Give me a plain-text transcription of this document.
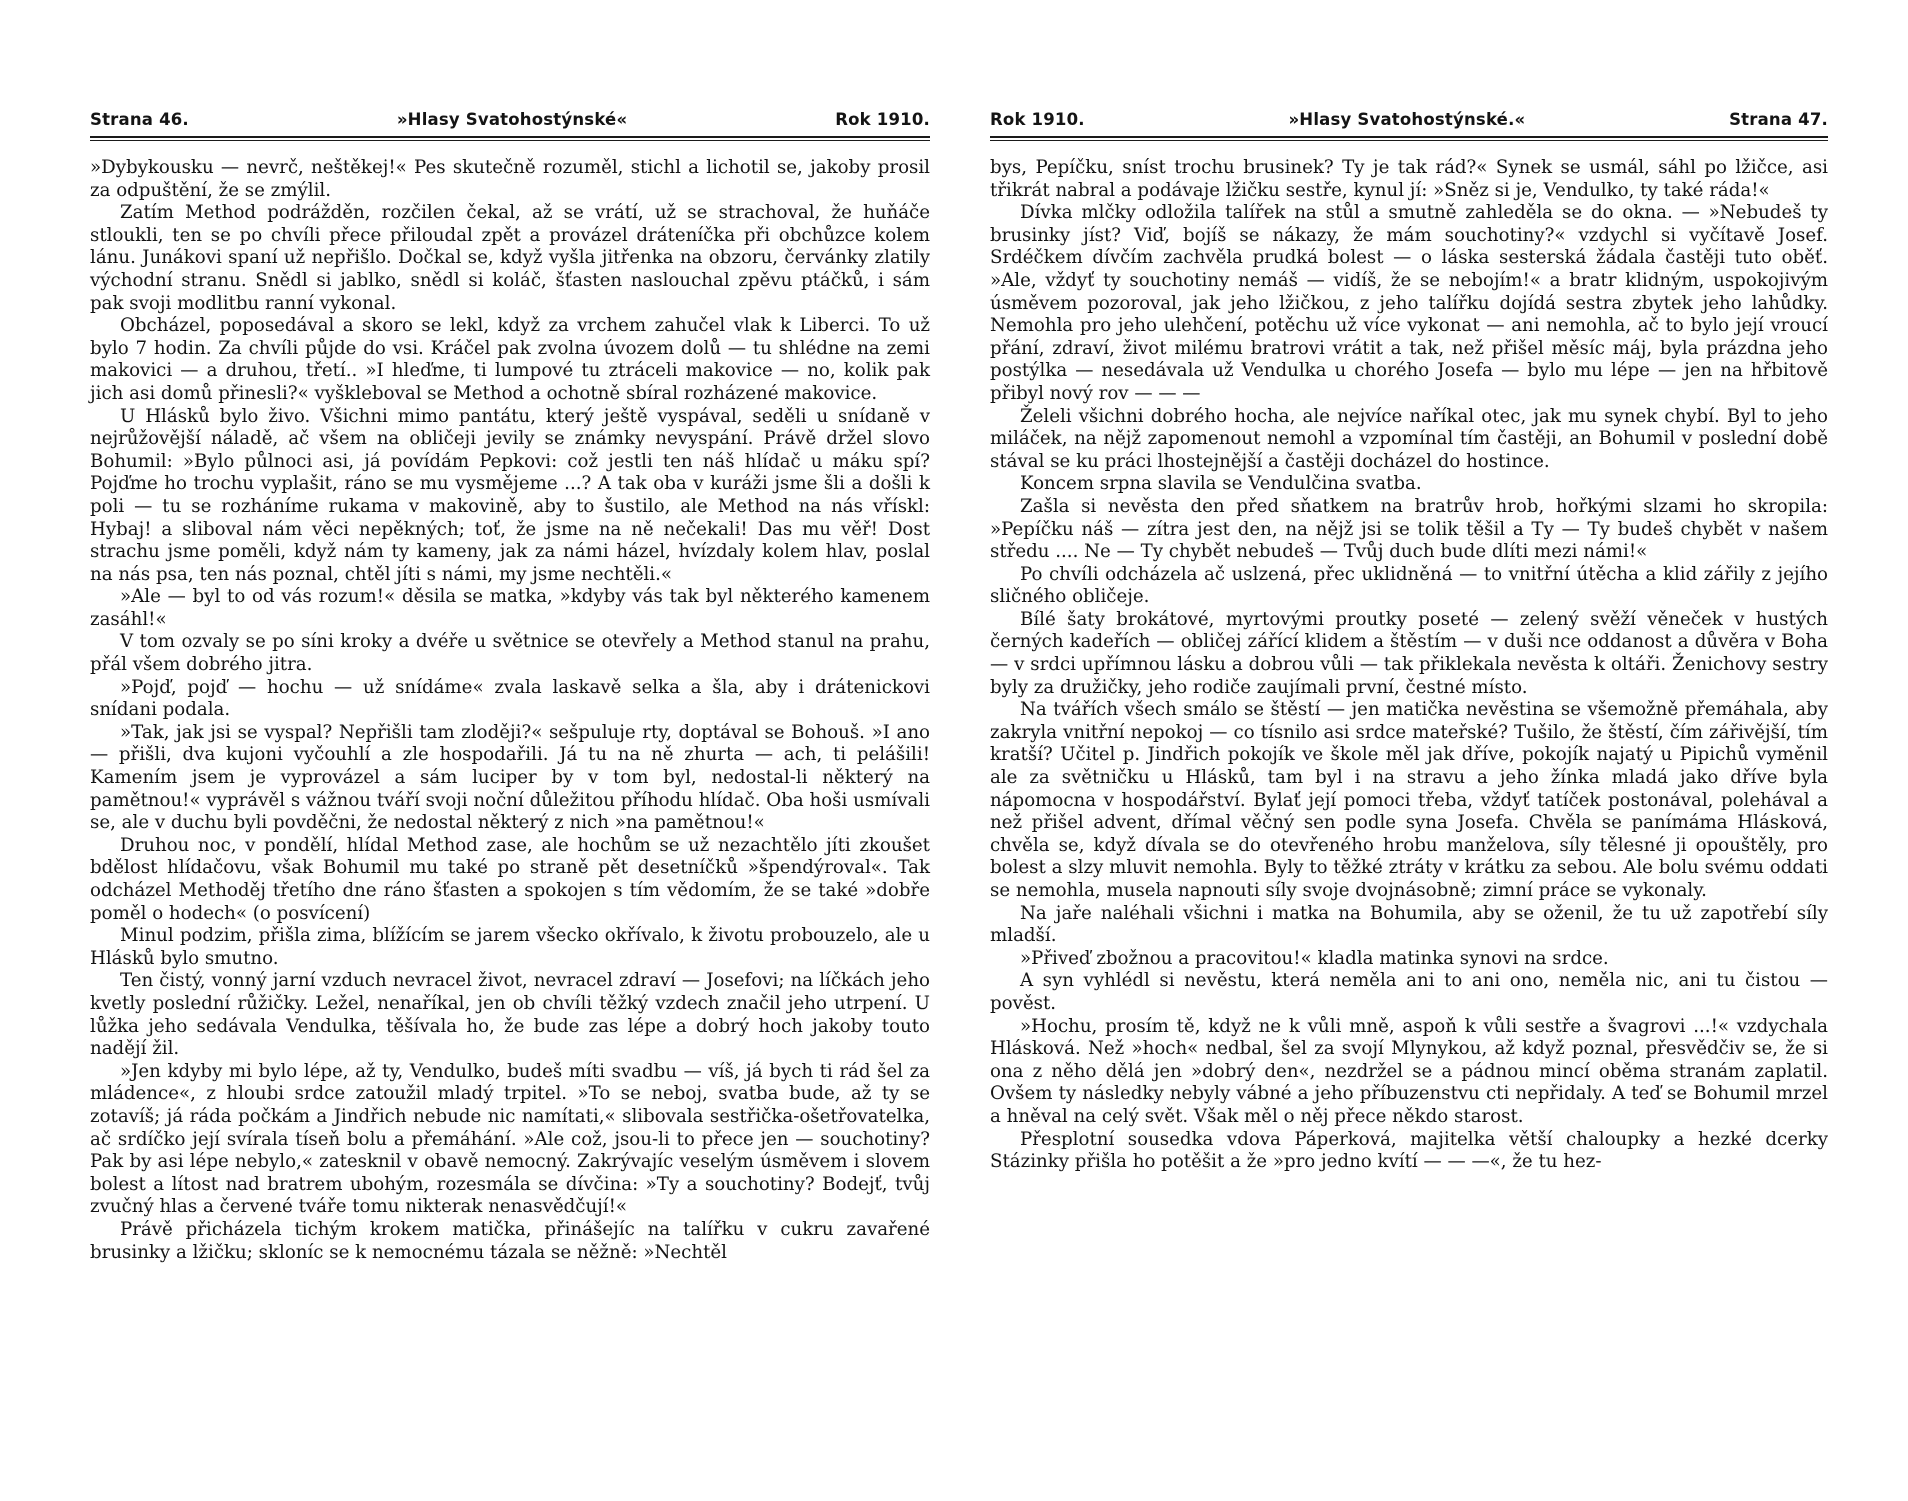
Strana 46.	»Hlasy Svatohostýnské«	Rok 1910.

»Dybykousku — nevrč, neštěkej!« Pes skutečně rozuměl, stichl a lichotil se, jakoby prosil za odpuštění, že se zmýlil.

Zatím Method podrážděn, rozčilen čekal, až se vrátí, už se strachoval, že huňáče stloukli, ten se po chvíli přece přiloudal zpět a provázel dráteníčka při obchůzce kolem lánu. Junákovi spaní už nepřišlo. Dočkal se, když vyšla jitřenka na obzoru, červánky zlatily východní stranu. Snědl si jablko, snědl si koláč, šťasten naslouchal zpěvu ptáčků, i sám pak svoji modlitbu ranní vykonal.

Obcházel, poposedával a skoro se lekl, když za vrchem zahučel vlak k Liberci. To už bylo 7 hodin. Za chvíli půjde do vsi. Kráčel pak zvolna úvozem dolů — tu shlédne na zemi makovici — a druhou, třetí.. »I hleďme, ti lumpové tu ztráceli makovice — no, kolik pak jich asi domů přinesli?« vyškleboval se Method a ochotně sbíral rozházené makovice.

U Hlásků bylo živo. Všichni mimo pantátu, který ještě vyspával, seděli u snídaně v nejrůžovější náladě, ač všem na obličeji jevily se známky nevyspání. Právě držel slovo Bohumil: »Bylo půlnoci asi, já povídám Pepkovi: což jestli ten náš hlídač u máku spí? Pojďme ho trochu vyplašit, ráno se mu vysmějeme ...? A tak oba v kuráži jsme šli a došli k poli — tu se rozháníme rukama v makovině, aby to šustilo, ale Method na nás vřískl: Hybaj! a sliboval nám věci nepěkných; toť, že jsme na ně nečekali! Das mu věř! Dost strachu jsme poměli, když nám ty kameny, jak za námi házel, hvízdaly kolem hlav, poslal na nás psa, ten nás poznal, chtěl jíti s námi, my jsme nechtěli.«

»Ale — byl to od vás rozum!« děsila se matka, »kdyby vás tak byl některého kamenem zasáhl!«

V tom ozvaly se po síni kroky a dvéře u světnice se otevřely a Method stanul na prahu, přál všem dobrého jitra.

»Pojď, pojď — hochu — už snídáme« zvala laskavě selka a šla, aby i drátenickovi snídani podala.

»Tak, jak jsi se vyspal? Nepřišli tam zloději?« sešpuluje rty, doptával se Bohouš. »I ano — přišli, dva kujoni vyčouhlí a zle hospodařili. Já tu na ně zhurta — ach, ti pelášili! Kamením jsem je vyprovázel a sám luciper by v tom byl, nedostal-li některý na pamětnou!« vyprávěl s vážnou tváří svoji noční důležitou příhodu hlídač. Oba hoši usmívali se, ale v duchu byli povděčni, že nedostal některý z nich »na pamětnou!«

Druhou noc, v pondělí, hlídal Method zase, ale hochům se už nezachtělo jíti zkoušet bdělost hlídačovu, však Bohumil mu také po straně pět desetníčků »špendýroval«. Tak odcházel Methoděj třetího dne ráno šťasten a spokojen s tím vědomím, že se také »dobře poměl o hodech« (o posvícení)

Minul podzim, přišla zima, blížícím se jarem všecko okřívalo, k životu probouzelo, ale u Hlásků bylo smutno.

Ten čistý, vonný jarní vzduch nevracel život, nevracel zdraví — Josefovi; na líčkách jeho kvetly poslední růžičky. Ležel, nenaříkal, jen ob chvíli těžký vzdech značil jeho utrpení. U lůžka jeho sedávala Vendulka, těšívala ho, že bude zas lépe a dobrý hoch jakoby touto nadějí žil.

»Jen kdyby mi bylo lépe, až ty, Vendulko, budeš míti svadbu — víš, já bych ti rád šel za mládence«, z hloubi srdce zatoužil mladý trpitel. »To se neboj, svatba bude, až ty se zotavíš; já ráda počkám a Jindřich nebude nic namítati,« slibovala sestřička-ošetřovatelka, ač srdíčko její svírala tíseň bolu a přemáhání. »Ale což, jsou-li to přece jen — souchotiny? Pak by asi lépe nebylo,« zatesknil v obavě nemocný. Zakrývajíc veselým úsměvem i slovem bolest a lítost nad bratrem ubohým, rozesmála se dívčina: »Ty a souchotiny? Bodejť, tvůj zvučný hlas a červené tváře tomu nikterak nenasvědčují!«

Právě přicházela tichým krokem matička, přinášejíc na talířku v cukru zavařené brusinky a lžičku; skloníc se k nemocnému tázala se něžně: »Nechtěl

Rok 1910.	»Hlasy Svatohostýnské.«	Strana 47.

bys, Pepíčku, sníst trochu brusinek? Ty je tak rád?« Synek se usmál, sáhl po lžičce, asi třikrát nabral a podávaje lžičku sestře, kynul jí: »Sněz si je, Vendulko, ty také ráda!«

Dívka mlčky odložila talířek na stůl a smutně zahleděla se do okna. — »Nebudeš ty brusinky jíst? Viď, bojíš se nákazy, že mám souchotiny?« vzdychl si vyčítavě Josef. Srdéčkem dívčím zachvěla prudká bolest — o láska sesterská žádala častěji tuto oběť. »Ale, vždyť ty souchotiny nemáš — vidíš, že se nebojím!« a bratr klidným, uspokojivým úsměvem pozoroval, jak jeho lžičkou, z jeho talířku dojídá sestra zbytek jeho lahůdky. Nemohla pro jeho ulehčení, potěchu už více vykonat — ani nemohla, ač to bylo její vroucí přání, zdraví, život milému bratrovi vrátit a tak, než přišel měsíc máj, byla prázdna jeho postýlka — nesedávala už Vendulka u chorého Josefa — bylo mu lépe — jen na hřbitově přibyl nový rov — — —

Želeli všichni dobrého hocha, ale nejvíce naříkal otec, jak mu synek chybí. Byl to jeho miláček, na nějž zapomenout nemohl a vzpomínal tím častěji, an Bohumil v poslední době stával se ku práci lhostejnější a častěji docházel do hostince.

Koncem srpna slavila se Vendulčina svatba.

Zašla si nevěsta den před sňatkem na bratrův hrob, hořkými slzami ho skropila: »Pepíčku náš — zítra jest den, na nějž jsi se tolik těšil a Ty — Ty budeš chybět v našem středu .... Ne — Ty chybět nebudeš — Tvůj duch bude dlíti mezi námi!«

Po chvíli odcházela ač uslzená, přec uklidněná — to vnitřní útěcha a klid zářily z jejího sličného obličeje.

Bílé šaty brokátové, myrtovými proutky poseté — zelený svěží věneček v hustých černých kadeřích — obličej zářící klidem a štěstím — v duši nce oddanost a důvěra v Boha — v srdci upřímnou lásku a dobrou vůli — tak přiklekala nevěsta k oltáři. Ženichovy sestry byly za družičky, jeho rodiče zaujímali první, čestné místo.

Na tvářích všech smálo se štěstí — jen matička nevěstina se všemožně přemáhala, aby zakryla vnitřní nepokoj — co tísnilo asi srdce mateřské? Tušilo, že štěstí, čím zářivější, tím kratší? Učitel p. Jindřich pokojík ve škole měl jak dříve, pokojík najatý u Pipichů vyměnil ale za světničku u Hlásků, tam byl i na stravu a jeho žínka mladá jako dříve byla nápomocna v hospodářství. Bylať její pomoci třeba, vždyť tatíček postonával, polehával a než přišel advent, dřímal věčný sen podle syna Josefa. Chvěla se panímáma Hlásková, chvěla se, když dívala se do otevřeného hrobu manželova, síly tělesné ji opouštěly, pro bolest a slzy mluvit nemohla. Byly to těžké ztráty v krátku za sebou. Ale bolu svému oddati se nemohla, musela napnouti síly svoje dvojnásobně; zimní práce se vykonaly.

Na jaře naléhali všichni i matka na Bohumila, aby se oženil, že tu už zapotřebí síly mladší.

»Přiveď zbožnou a pracovitou!« kladla matinka synovi na srdce.

A syn vyhlédl si nevěstu, která neměla ani to ani ono, neměla nic, ani tu čistou — pověst.

»Hochu, prosím tě, když ne k vůli mně, aspoň k vůli sestře a švagrovi ...!« vzdychala Hlásková. Než »hoch« nedbal, šel za svojí Mlynykou, až když poznal, přesvědčiv se, že si ona z něho dělá jen »dobrý den«, nezdržel se a pádnou mincí oběma stranám zaplatil. Ovšem ty následky nebyly vábné a jeho příbuzenstvu cti nepřidaly. A teď se Bohumil mrzel a hněval na celý svět. Však měl o něj přece někdo starost.

Přesplotní sousedka vdova Páperková, majitelka větší chaloupky a hezké dcerky Stázinky přišla ho potěšit a že »pro jedno kvítí — — —«, že tu hez-
